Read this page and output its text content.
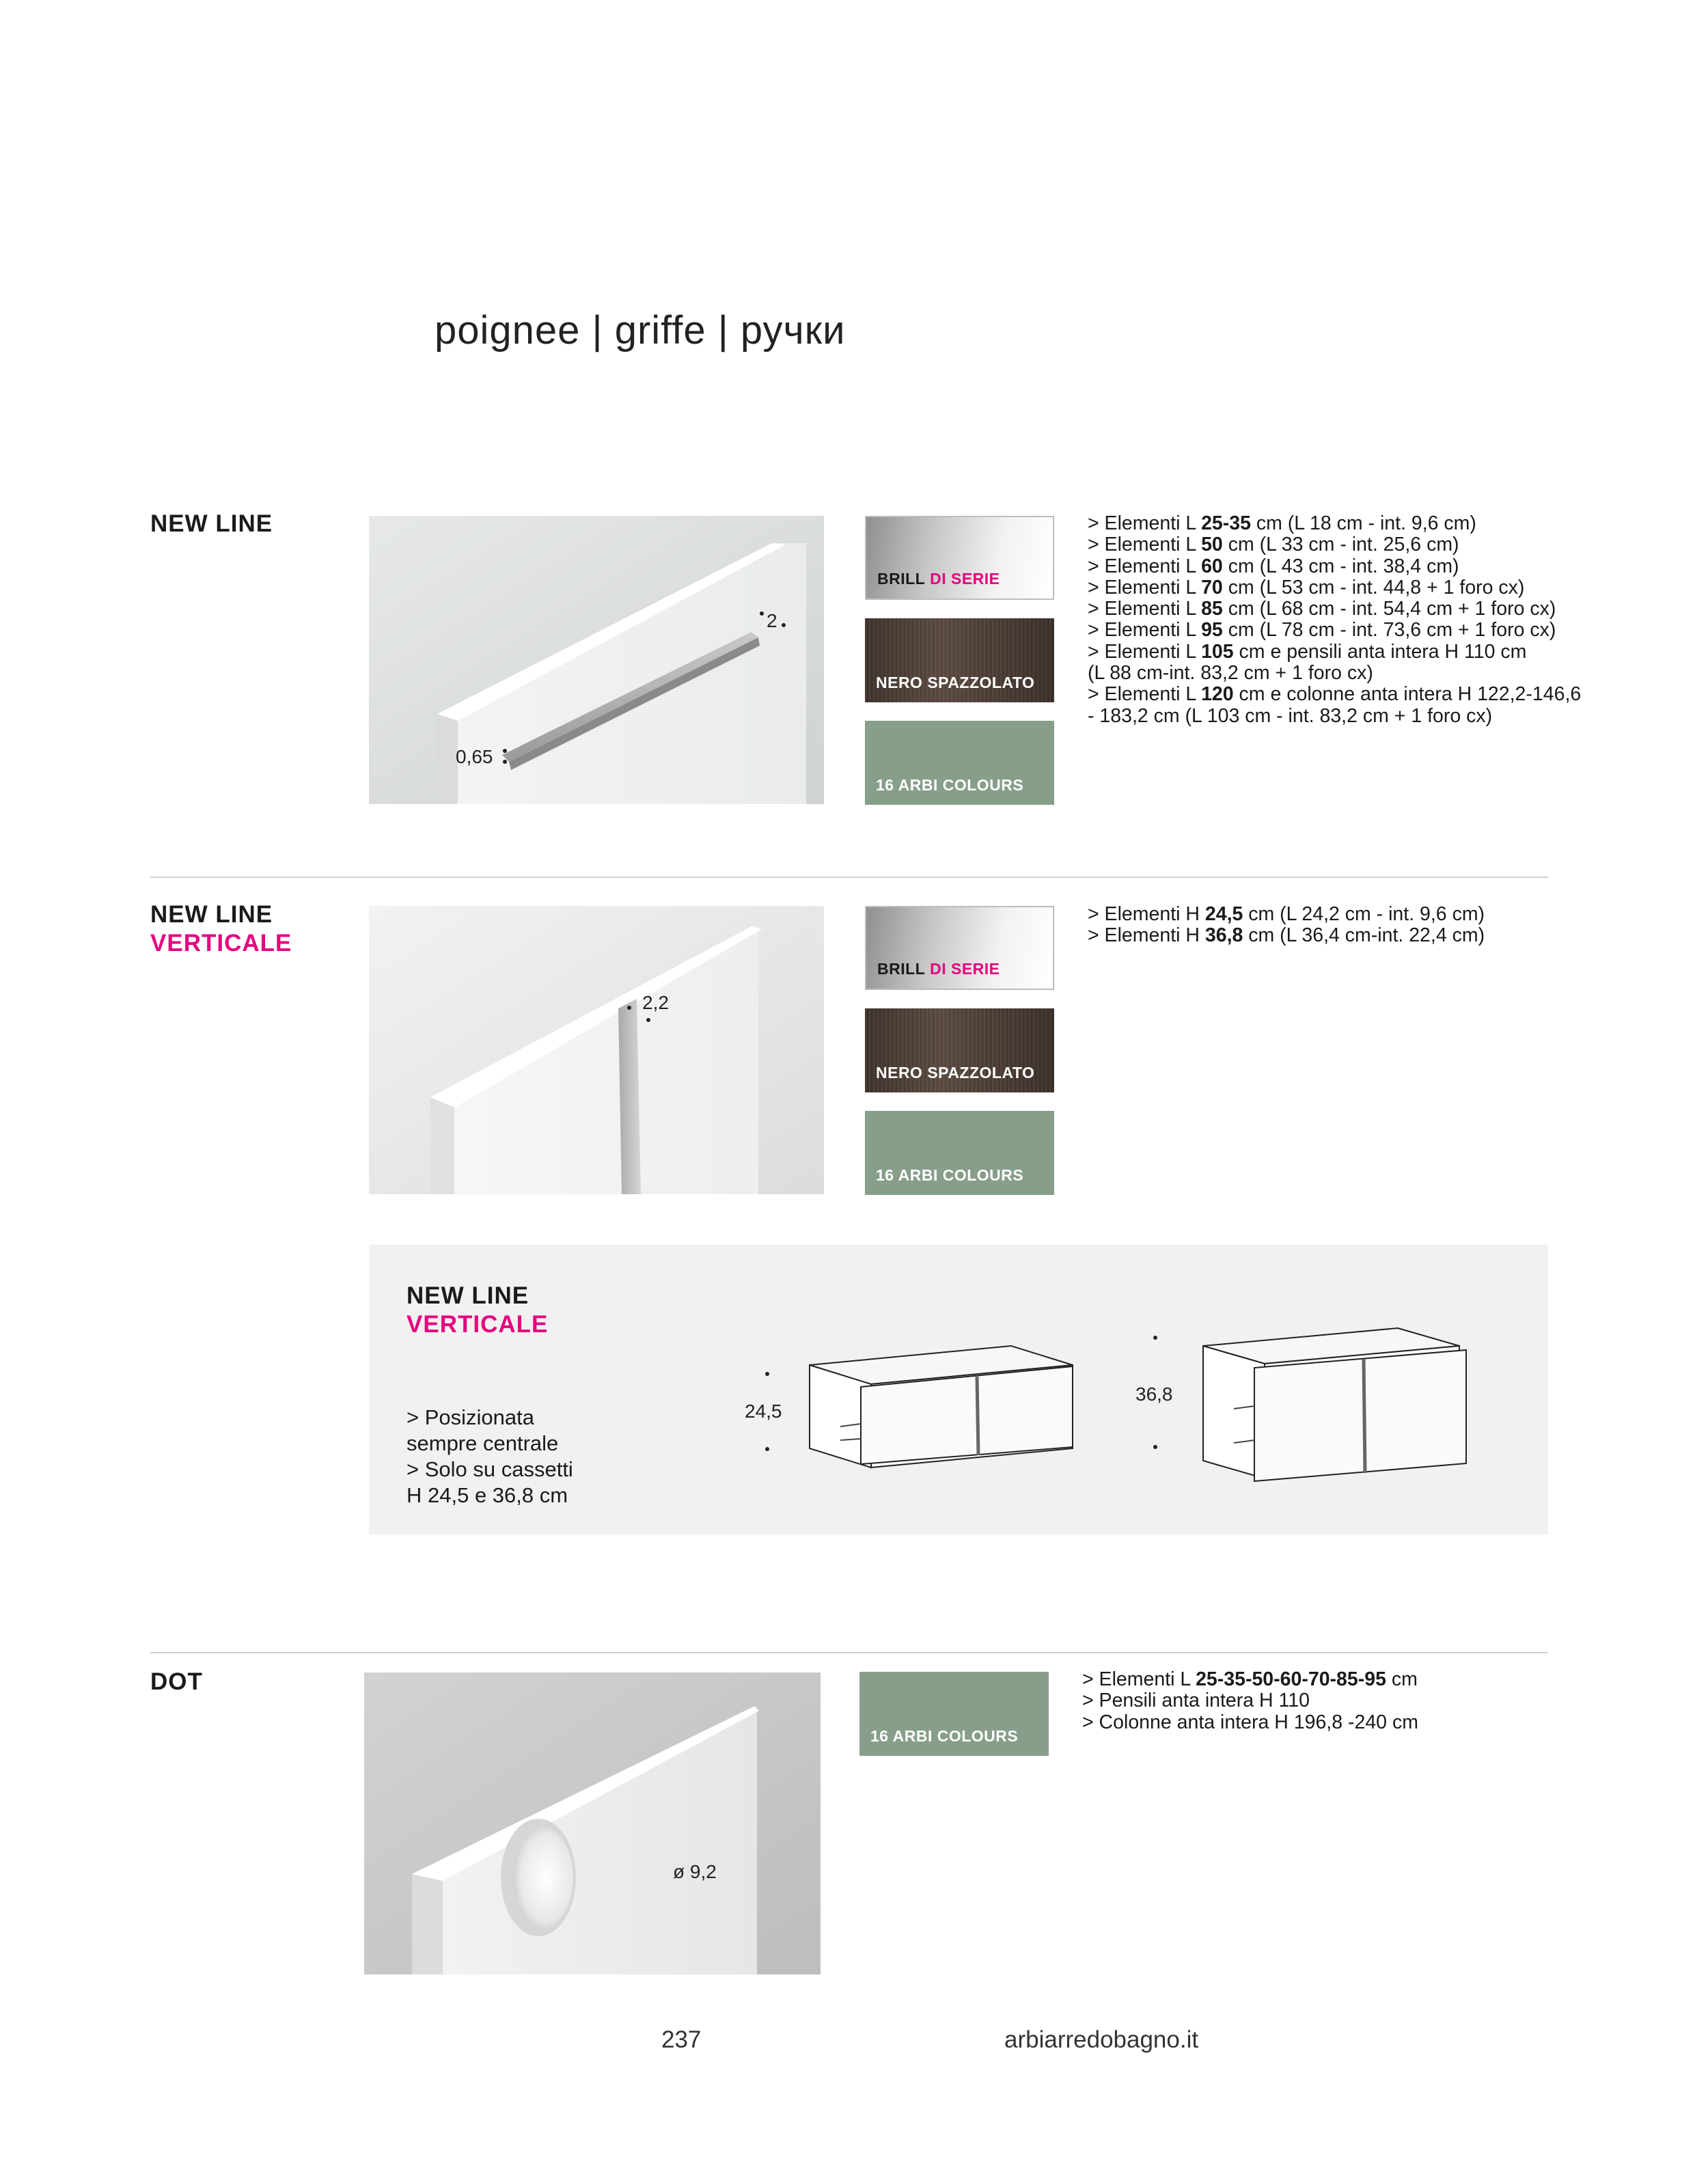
poignee | griffe | ручки
NEW LINE
2
0,65
BRILL DI SERIE
NERO SPAZZOLATO
16 ARBI COLOURS
> Elementi L 25-35 cm (L 18 cm - int. 9,6 cm)
> Elementi L 50 cm (L 33 cm - int. 25,6 cm)
> Elementi L 60 cm (L 43 cm - int. 38,4 cm)
> Elementi L 70 cm (L 53 cm - int. 44,8 + 1 foro cx)
> Elementi L 85 cm (L 68 cm - int. 54,4 cm + 1 foro cx)
> Elementi L 95 cm (L 78 cm - int. 73,6 cm + 1 foro cx)
> Elementi L 105 cm e pensili anta intera H 110 cm
(L 88 cm-int. 83,2 cm + 1 foro cx)
> Elementi L 120 cm e colonne anta intera H 122,2-146,6
- 183,2 cm (L 103 cm - int. 83,2 cm + 1 foro cx)
NEW LINE
VERTICALE
2,2
BRILL DI SERIE
NERO SPAZZOLATO
16 ARBI COLOURS
> Elementi H 24,5 cm (L 24,2 cm - int. 9,6 cm)
> Elementi H 36,8 cm (L 36,4 cm-int. 22,4 cm)
NEW LINE
VERTICALE
> Posizionata
sempre centrale
> Solo su cassetti
H 24,5 e 36,8 cm
24,5
36,8
DOT
ø 9,2
16 ARBI COLOURS
> Elementi L 25-35-50-60-70-85-95 cm
> Pensili anta intera H 110
> Colonne anta intera H 196,8 -240 cm
237	arbiarredobagno.it
